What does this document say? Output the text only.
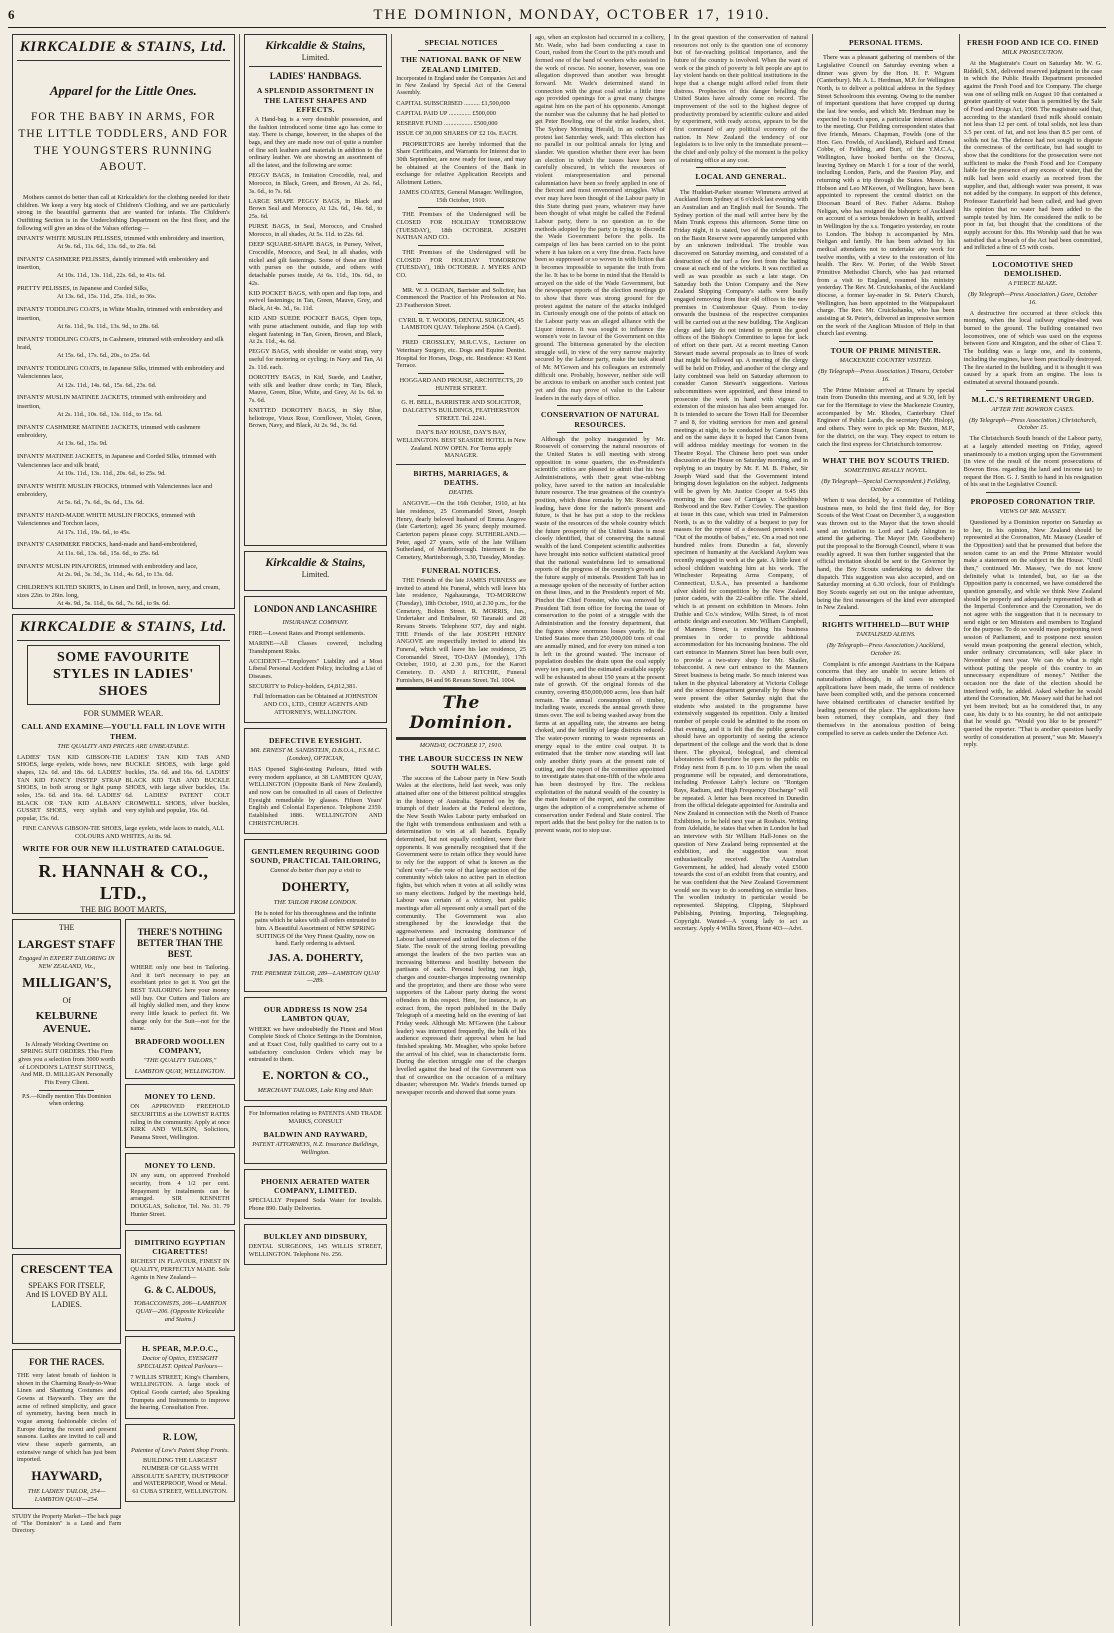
6	THE DOMINION, MONDAY, OCTOBER 17, 1910.
KIRKCALDIE & STAINS, Ltd.
Apparel for the Little Ones.
FOR THE BABY IN ARMS, FOR THE LITTLE TODDLERS, AND FOR THE YOUNGSTERS RUNNING ABOUT.

Mothers cannot do better than call at Kirkcaldie's for the clothing needed for their children. We keep a very big stock of Children's Clothing, and we are particularly strong in the beautiful garments that are wanted for infants. The Children's Outfitting Section is in the Underclothing Department on the first floor, and the following will give an idea of the Values offering:—

INFANTS' WHITE MUSLIN PELISSES, trimmed with embroidery and insertion,
At 9s. 6d., 11s. 6d., 13s. 6d., to 26s. 6d.
INFANTS' CASHMERE PELISSES, daintily trimmed with embroidery and insertion,
At 10s. 11d., 13s. 11d., 22s. 6d., to 41s. 6d.
PRETTY PELISSES, in Japanese and Corded Silks,
At 13s. 6d., 15s. 11d., 25s. 11d., to 36s.
INFANTS' TODDLING COATS, in White Muslin, trimmed with embroidery and insertion,
At 6s. 11d., 9s. 11d., 13s. 9d., to 28s. 6d.
INFANTS' TODDLING COATS, in Cashmere, trimmed with embroidery and silk braid,
At 15s. 6d., 17s. 6d., 20s., to 25s. 6d.
INFANTS' TODDLING COATS, in Japanese Silks, trimmed with embroidery and Valenciennes lace,
At 12s. 11d., 14s. 6d., 15s. 6d., 23s. 6d.
INFANTS' MUSLIN MATINEE JACKETS, trimmed with embroidery and insertion,
At 2s. 11d., 10s. 6d., 13s. 11d., to 15s. 6d.
INFANTS' CASHMERE MATINEE JACKETS, trimmed with cashmere embroidery,
At 13s. 6d., 15s. 9d.
INFANTS' MATINEE JACKETS, in Japanese and Corded Silks, trimmed with Valenciennes lace and silk braid,
At 10s. 11d., 13s. 11d., 20s. 6d., to 25s. 9d.
INFANTS' WHITE MUSLIN FROCKS, trimmed with Valenciennes lace and embroidery,
At 5s. 6d., 7s. 6d., 9s. 6d., 13s. 6d.
INFANTS' HAND-MADE WHITE MUSLIN FROCKS, trimmed with Valenciennes and Torchon laces,
At 17s. 11d., 19s. 6d., to 45s.
INFANTS' CASHMERE FROCKS, hand-made and hand-embroidered,
At 11s. 6d., 13s. 6d., 15s. 6d., to 25s. 6d.
INFANTS' MUSLIN PINAFORES, trimmed with embroidery and lace,
At 2s. 9d., 3s. 3d., 3s. 11d., 4s. 6d., to 13s. 6d.
CHILDREN'S KILTED SKIRTS, in Linen and Drill, in brown, navy, and cream, sizes 22in. to 26in. long,
At 4s. 9d., 5s. 11d., 6s. 6d., 7s. 6d., to 9s. 6d.
KIRKCALDIE & STAINS, Ltd.
SOME FAVOURITE STYLES IN LADIES' SHOES
FOR SUMMER WEAR.
CALL AND EXAMINE—YOU'LL FALL IN LOVE WITH THEM.
THE QUALITY AND PRICES ARE UNBEATABLE.

LADIES' TAN KID GIBSON-TIE SHOES, large eyelets, wide bows, new shapes, 12s. 6d. and 18s. 6d. LADIES' TAN KID FANCY INSTEP STRAP SHOES, in both strong or light pump soles, 15s. 6d. and 16s. 6d. LADIES' BLACK OR TAN KID ALBANY GUSSET SHOES, very stylish and popular, 15s. 6d.

LADIES' TAN KID TAB AND BUCKLE SHOES, with large gold buckles, 15s. 6d. and 16s. 6d. LADIES' BLACK KID TAB AND BUCKLE SHOES, with large silver buckles, 15s. 6d. LADIES' PATENT COLT CROMWELL SHOES, silver buckles, very stylish and popular, 16s. 6d.

FINE CANVAS GIBSON-TIE SHOES, large eyelets, wide laces to match, ALL COLOURS AND WHITES, At 8s. 9d.

WRITE FOR OUR NEW ILLUSTRATED CATALOGUE.
R. HANNAH & CO., LTD.,
THE BIG BOOT MARTS,
THE
LARGEST STAFF
Engaged in EXPERT TAILORING IN NEW ZEALAND, Viz.,
MILLIGAN'S,
Of
KELBURNE AVENUE.

Is Already Working Overtime on SPRING SUIT ORDERS. This Firm gives you a selection from 3000 worth of LONDON'S LATEST SUITINGS, And MR. D. MILLIGAN Personally Fits Every Client.

P.S.—Kindly mention This Dominion when ordering.

CRESCENT TEA
SPEAKS FOR ITSELF,
And IS LOVED BY ALL LADIES.
FOR THE RACES.

THE very latest breath of fashion is shown in the Charming Ready-to-Wear Linen and Shantung Costumes and Gowns at Hayward's. They are the acme of refined simplicity, and grace of symmetry, having been much in vogue among fashionable circles of Europe during the recent and present seasons. Ladies are invited to call and view these superb garments, an extensive range of which has just been imported.

HAYWARD,
THE LADIES' TAILOR, 254—LAMBTON QUAY—254.

STUDY the Property Market—The back page of "The Dominion" is a Land and Farm Directory.

THERE'S NOTHING BETTER THAN THE BEST.

WHERE only one best in Tailoring. And it isn't necessary to pay an exorbitant price to get it. You get the BEST TAILORING here your money will buy. Our Cutters and Tailors are all highly skilled men, and they know every little knack to perfect fit. We charge only for the Suit—not for the name.

BRADFORD WOOLLEN COMPANY,
"THE QUALITY TAILORS,"
LAMBTON QUAY, WELLINGTON.
MONEY TO LEND.

ON APPROVED FREEHOLD SECURITIES at the LOWEST RATES ruling in the community. Apply at once KIRK AND WILSON, Solicitors, Panama Street, Wellington.

MONEY TO LEND.

IN any sum, on approved Freehold security, from 4 1/2 per cent. Repayment by instalments can be arranged. SIR KENNETH DOUGLAS, Solicitor, Tel. No. 31. 79 Hunter Street.

DIMITRINO EGYPTIAN CIGARETTES!

RICHEST IN FLAVOUR, FINEST IN QUALITY, PERFECTLY MADE. Sole Agents in New Zealand—

G. & C. ALDOUS,
TOBACCONISTS, 206—LAMBTON QUAY—206. (Opposite Kirkcaldie and Stains.)
H. SPEAR, M.P.O.C.,
Doctor of Optics, EYESIGHT SPECIALIST. Optical Parlours—

7 WILLIS STREET, King's Chambers, WELLINGTON. A large stock of Optical Goods carried; also Speaking Trumpets and Instruments to improve the hearing. Consultation Free.

R. LOW,
Patentee of Low's Patent Shop Fronts.

BUILDING THE LARGEST NUMBER OF GLASS WITH ABSOLUTE SAFETY, DUSTPROOF and WATERPROOF, Wood or Metal. 61 CUBA STREET, WELLINGTON.

Kirkcaldie & Stains,
Limited.
LADIES' HANDBAGS.
A SPLENDID ASSORTMENT IN THE LATEST SHAPES AND EFFECTS.

A Hand-bag is a very desirable possession, and the fashion introduced some time ago has come to stay. There is change, however, in the shapes of the bags, and they are made now out of quite a number of fine soft leathers and materials in addition to the ordinary leather. We are showing an assortment of all the latest, and the following are some:

PEGGY BAGS, in Imitation Crocodile, real, and Morocco, in Black, Green, and Brown, At 2s. 6d., 3s. 6d., to 7s. 6d.

LARGE SHAPE PEGGY BAGS, in Black and Brown Seal and Morocco, At 12s. 6d., 14s. 6d., to 25s. 6d.

PURSE BAGS, in Seal, Morocco, and Crushed Morocco, in all shades, At 5s. 11d. to 22s. 6d.

DEEP SQUARE-SHAPE BAGS, in Pursey, Velvet, Crocodile, Morocco, and Seal, in all shades, with nickel and gilt fastenings. Some of these are fitted with purses on the outside, and others with detachable purses inside, At 6s. 11d., 10s. 6d., to 42s.

KID POCKET BAGS, with open and flap tops, and swivel fastenings; in Tan, Green, Mauve, Grey, and Black, At 4s. 3d., 6s. 11d.

KID AND SUEDE POCKET BAGS, Open tops, with purse attachment outside, and flap top with elegant fastening; in Tan, Green, Brown, and Black, At 2s. 11d., 4s. 6d.

PEGGY BAGS, with shoulder or waist strap, very useful for motoring or cycling; in Navy and Tan, At 2s. 11d. each.

DOROTHY BAGS, in Kid, Suede, and Leather, with silk and leather draw cords; in Tan, Black, Mauve, Green, Blue, White, and Grey, At 1s. 6d. to 7s. 6d.

KNITTED DOROTHY BAGS, in Sky Blue, heliotrope, Vieux Rose, Cornflower, Violet, Green, Brown, Navy, and Black, At 2s. 9d., 3s. 6d.

Kirkcaldie & Stains,
Limited.
LONDON AND LANCASHIRE
INSURANCE COMPANY.

FIRE—Lowest Rates and Prompt settlements.

MARINE—All Classes covered, including Transhipment Risks.

ACCIDENT—"Employers" Liability and a Most Liberal Personal Accident Policy, including a List of Diseases.

SECURITY to Policy-holders, £4,812,381.

Full Information can be Obtained at JOHNSTON AND CO., LTD., CHIEF AGENTS AND ATTORNEYS, WELLINGTON.

DEFECTIVE EYESIGHT.
MR. ERNEST M. SANDSTEIN, D.B.O.A., F.S.M.C. (London), OPTICIAN,

HAS Opened Sight-testing Parlours, fitted with every modern appliance, at 38 LAMBTON QUAY, WELLINGTON (Opposite Bank of New Zealand), and now can be consulted in all cases of Defective Eyesight remediable by glasses. Fifteen Years' English and Colonial Experience. Telephone 2359. Established 1886. WELLINGTON AND CHRISTCHURCH.

GENTLEMEN REQUIRING GOOD SOUND, PRACTICAL TAILORING,
Cannot do better than pay a visit to
DOHERTY,
THE TAILOR FROM LONDON.

He is noted for his thoroughness and the infinite pains which he takes with all orders entrusted to him. A Beautiful Assortment of NEW SPRING SUITINGS Of the Very Finest Quality, now on hand. Early ordering is advised.

JAS. A. DOHERTY,
THE PREMIER TAILOR, 289—LAMBTON QUAY—289.
OUR ADDRESS IS NOW 254 LAMBTON QUAY,

WHERE we have undoubtedly the Finest and Most Complete Stock of Choice Settings in the Dominion, and at Exact Cost, fully qualified to carry out to a satisfactory conclusion Orders which may be entrusted to them.

E. NORTON & CO.,
MERCHANT TAILORS, Lake King and Muir.

For Information relating to PATENTS AND TRADE MARKS, CONSULT

BALDWIN AND RAYWARD,
PATENT ATTORNEYS, N.Z. Insurance Buildings, Wellington.
PHOENIX AERATED WATER COMPANY, LIMITED.

SPECIALLY Prepared Soda Water for Invalids. Phone 890. Daily Deliveries.

BULKLEY AND DIDSBURY,

DENTAL SURGEONS, 145 WILLIS STREET, WELLINGTON. Telephone No. 256.

SPECIAL NOTICES
THE NATIONAL BANK OF NEW ZEALAND LIMITED.

Incorporated in England under the Companies Act and in New Zealand by Special Act of the General Assembly.

CAPITAL SUBSCRIBED .......... £1,500,000

CAPITAL PAID UP .............. £500,000

RESERVE FUND .................. £500,000

ISSUE OF 30,000 SHARES OF £2 10s. EACH.

PROPRIETORS are hereby informed that the Share Certificates, and Warrants for Interest due to 30th September, are now ready for issue, and may be obtained at the Counters of the Bank in exchange for relative Application Receipts and Allotment Letters.

JAMES COATES, General Manager. Wellington, 15th October, 1910.

THE Premises of the Undersigned will be CLOSED FOR HOLIDAY TOMORROW (TUESDAY), 18th OCTOBER. JOSEPH NATHAN AND CO.

THE Premises of the Undersigned will be CLOSED FOR HOLIDAY TOMORROW (TUESDAY), 18th OCTOBER. J. MYERS AND CO.

MR. W. J. OGDAN, Barrister and Solicitor, has Commenced the Practice of his Profession at No. 23 Featherston Street.

CYRIL R. T. WOODS, DENTAL SURGEON, 45 LAMBTON QUAY. Telephone 2504. (A Card).

FRED CROSSLEY, M.R.C.V.S., Lecturer on Veterinary Surgery, etc. Dogs and Equine Dentist. Hospital for Horses, Dogs, etc. Residence: 43 Kent Terrace.

HOGGARD AND PROUSE, ARCHITECTS, 29 HUNTER STREET.

G. H. BELL, BARRISTER AND SOLICITOR, DALGETY'S BUILDINGS, FEATHERSTON STREET. Tel. 2241.

DAY'S BAY HOUSE, DAY'S BAY, WELLINGTON. BEST SEASIDE HOTEL in New Zealand. NOW OPEN. For Terms apply MANAGER.

BIRTHS, MARRIAGES, & DEATHS.
DEATHS.

ANGOVE.—On the 16th October, 1910, at his late residence, 25 Coromandel Street, Joseph Henry, dearly beloved husband of Emma Angove (late Carterton); aged 36 years; deeply mourned. Carterton papers please copy. SUTHERLAND.—Peter, aged 27 years, wife of the late William Sutherland, of Martinborough. Interment in the Cemetery, Martinborough, 3.30, Tuesday, Monday.

FUNERAL NOTICES.

THE Friends of the late JAMES FURNESS are invited to attend his Funeral, which will leave his late residence, Ngahauranga, TO-MORROW (Tuesday), 18th October, 1910, at 2.30 p.m., for the Cemetery, Bolton Street. R. MORRIS, Jun., Undertaker and Embalmer, 60 Taranaki and 28 Revans Streets. Telephone 937, day and night. THE Friends of the late JOSEPH HENRY ANGOVE are respectfully invited to attend his Funeral, which will leave his late residence, 25 Coromandel Street, TO-DAY (Monday), 17th October, 1910, at 2.30 p.m., for the Karori Cemetery. D. AND J. RITCHIE, Funeral Furnishers, 84 and 96 Revans Street. Tel. 1004.

The Dominion.
MONDAY, OCTOBER 17, 1910.
THE LABOUR SUCCESS IN NEW SOUTH WALES.

The success of the Labour party in New South Wales at the elections, held last week, was only attained after one of the bitterest political struggles in the history of Australia. Spurred on by the triumph of their leaders at the Federal elections, the New South Wales Labour party embarked on the fight with tremendous enthusiasm and with a determination to win at all hazards. Equally determined, but not equally confident, were their opponents. It was generally recognised that if the Government were to retain office they would have to rely for the support of what is known as the "silent vote"—the vote of that large section of the community which takes no active part in election fights, but which when it votes at all solidly wins so many elections. Judged by the meetings held, Labour was certain of a victory, but public meetings after all represent only a small part of the community. The Government was also strengthened by the knowledge that the aggressiveness and increasing dominance of Labour had unnerved and united the electors of the State. The result of the strong feeling prevailing amongst the leaders of the two parties was an increasing bitterness and hostility between the partisans of each. Personal feeling ran high, charges and counter-charges impressing ownership and the proprietor, and there are those who were supporters of the Labour party during the worst offenders in this respect. Here, for instance, is an extract from, the report published in the Daily Telegraph of a meeting held on the evening of last Friday week. Although Mr. M'Gowen (the Labour leader) was interrupted frequently, the bulk of his audience expressed their approval when he had finished speaking. Mr. Meagher, who spoke before the arrival of his chief, was in characteristic form. During the election struggle one of the charges levelled against the head of the Government was that of cowardice on the occasion of a military disaster; whereupon Mr. Wade's friends turned up newspaper records and showed that some years

ago, when an explosion had occurred in a colliery, Mr. Wade, who had been conducting a case in Court, rushed from the Court to the pit's mouth and formed one of the band of workers who assisted in the work of rescue. No sooner, however, was one allegation disproved than another was brought forward. Mr. Wade's determined stand in connection with the great coal strike a little time ago provided openings for a great many charges against him on the part of his opponents. Amongst the number was the calumny that he had plotted to get Peter Bowling, one of the strike leaders, shot. The Sydney Morning Herald, in an outburst of protest last Saturday week, said: This election has no parallel in our political annals for lying and slander. We question whether there ever has been an election in which the issues have been so carefully obscured, in which the resources of violent misrepresentation and personal calumniation have been so freely applied in one of the fiercest and most envenomed struggles. What ever may have been thought of the Labour party in this State during past years, whatever may have been thought of what might be called the Federal Labour party, there is no question as to the methods adopted by the party in trying to discredit the Wade Government before the polls. Its campaign of lies has been carried on to the point where it has taken on a very fine dress. Facts have been so suppressed or so woven in with fiction that it becomes impossible to separate the truth from the lie. It has to be borne in mind that the Herald is arrayed on the side of the Wade Government, but the newspaper reports of the election meetings go to show that there was strong ground for the protest against the nature of the attacks indulged in. Curiously enough one of the points of attack on the Labour party was an alleged alliance with the Liquor interest. It was sought to influence the women's vote in favour of the Government on this ground. The bitterness generated by the election struggle will, in view of the very narrow majority secured by the Labour party, make the task ahead of Mr. M'Gowen and his colleagues an extremely difficult one. Probably, however, neither side will be anxious to embark on another such contest just yet and this may prove of value to the Labour leaders in the early days of office.

CONSERVATION OF NATURAL RESOURCES.

Although the policy inaugurated by Mr. Roosevelt of conserving the natural resources of the United States is still meeting with strong opposition in some quarters, the ex-President's scientific critics are pleased to admit that his two Administrations, with their great wise-rubbing policy, have saved to the nation an incalculable future resource. The true greatness of the country's position, which these remarks by Mr. Roosevelt's leading, have done for the nation's present and future, is that he has put a stop to the reckless waste of the resources of the whole country which the future prosperity of the United States is most closely identified, that of conserving the natural wealth of the land. Competent scientific authorities have brought into notice sufficient statistical proof that the national wastefulness led to sensational reports of the progress of the country's growth and the future supply of minerals. President Taft has in a message spoken of the necessity of further action on these lines, and in the President's report of Mr. Pinchot the Chief Forester, who was removed by President Taft from office for forcing the issue of conservation to the point of a struggle with the Administration and the forestry department, that the figures show enormous losses yearly. In the United States more than 250,000,000 tons of coal are annually mined, and for every ton mined a ton is left in the ground wasted. The increase of population doubles the drain upon the coal supply every ten years, and the estimated available supply will be exhausted in about 150 years at the present rate of growth. Of the original forests of the country, covering 850,000,000 acres, less than half remain. The annual consumption of timber, including waste, exceeds the annual growth three times over. The soil is being washed away from the farms at an appalling rate, the streams are being choked, and the fertility of large districts reduced. The water-power running to waste represents an energy equal to the entire coal output. It is estimated that the timber now standing will last only another thirty years at the present rate of cutting, and the report of the committee appointed to investigate states that one-fifth of the whole area has been destroyed by fire. The reckless exploitation of the natural wealth of the country is the main feature of the report, and the committee urges the adoption of a comprehensive scheme of conservation under Federal and State control. The report adds that the best policy for the nation is to prevent waste, not to stop use.

In the great question of the conservation of natural resources not only is the question one of economy but of far-reaching political importance, and the future of the country is involved. When the want of work or the pinch of poverty is felt people are apt to lay violent hands on their political institutions in the hope that a change might afford relief from their distress. Prophecies of this danger befalling the United States have already come on record. The improvement of the soil to the highest degree of productivity promised by scientific culture and aided by experiment, with ready access, appears to be the first command of any political economy of the nation. In New Zealand the tendency of our legislators is to live only in the immediate present—the chief and only policy of the moment is the policy of retaining office at any cost.

LOCAL AND GENERAL.

The Huddart-Parker steamer Wimmera arrived at Auckland from Sydney at 6 o'clock last evening with an Australian and an English mail for Sounds. The Sydney portion of the mail will arrive here by the Main Trunk express this afternoon. Some time on Friday night, it is stated, two of the cricket pitches on the Basin Reserve were apparently tampered with by an unknown individual. The trouble was discovered on Saturday morning, and consisted of a destruction of the turf a few feet from the batting crease at each end of the wickets. It was rectified as well as was possible as such a late stage. On Saturday both the Union Company and the New Zealand Shipping Company's staffs were busily engaged removing from their old offices to the new premises in Customhouse Quay. From to-day onwards the business of the respective companies will be carried out at the new building. The Anglican clergy and laity do not intend to permit the good offices of the Bishop's Committee to lapse for lack of effort on their part. At a recent meeting Canon Stewart made several proposals as to lines of work that might be followed up. A meeting of the clergy will be held on Friday, and another of the clergy and laity combined was held on Saturday afternoon to consider Canon Stewart's suggestions. Various subcommittees were appointed, and these intend to prosecute the work in hand with vigour. An extension of the mission has also been arranged for. It is intended to secure the Town Hall for December 7 and 8, for visiting services for men and general meetings at night, to be conducted by Canon Stuart, and on the same days it is hoped that Canon Ivens will address midday meetings for women in the Theatre Royal. The Chinese hero poet was under discussion at the House on Saturday morning, and in replying to an inquiry by Mr. F. M. B. Fisher, Sir Joseph Ward said that the Government intend bringing down legislation on the subject. Judgments will be given by Mr. Justice Cooper at 9.45 this morning in the case of Carrigan v. Archbishop Redwood and the Rev. Father Cowley. The question at issue in this case, which was tried in Palmerston North, is as to the validity of a bequest to pay for masses for the repose of a deceased person's soul. "Out of the mouths of babes," etc. On a road not one hundred miles from Dunedin a fat, slovenly specimen of humanity at the Auckland Asylum was recently engaged in work at the gate. A little knot of school children watching him at his work. The Winchester Repeating Arms Company, of Connecticut, U.S.A., has presented a handsome silver shield for competition by the New Zealand junior cadets, with the 22-calibre rifle. The shield, which is at present on exhibition in Messrs. John Duthie and Co.'s window, Willis Street, is of most artistic design and execution. Mr. William Campbell, of Manners Street, is extending his business premises in order to provide additional accommodation for his increasing business. The old cart entrance in Manners Street has been built over, to provide a two-story shop for Mr. Shailer, tobacconist. A new cart entrance to the Manners Street business is being made. So much interest was taken in the physical laboratory at Victoria College and the science department generally by those who were present the other Saturday night that the students who assisted in the programme have extensively suggested its repetition. Only a limited number of people could be admitted to the room on that evening, and it is felt that the public generally should have an opportunity of seeing the science department of the college and the work that is done there. The physical, biological, and chemical laboratories will therefore be open to the public on Friday next from 8 p.m. to 10 p.m. when the usual programme will be repeated, and demonstrations, including Professor Laby's lecture on "Rontgen Rays, Radium, and High Frequency Discharge" will be repeated. A letter has been received in Dunedin from the official delegate appointed for Australia and New Zealand in connection with the North of France Exhibition, to be held next year at Roubaix. Writing from Adelaide, he states that when in London he had an interview with Sir William Hall-Jones on the question of New Zealand being represented at the exhibition, and the suggestion was most enthusiastically received. The Australian Government, he added, had already voted £5000 towards the cost of an exhibit from that country, and he was confident that the New Zealand Government would see its way to do something on similar lines. The woollen industry in particular would be represented. Shipping, Clipping, Shipboard Publishing, Printing, Importing, Telegraphing. Copyright. Wanted—A young lady to act as secretary. Apply 4 Willis Street, Phone 403—Advt.

PERSONAL ITEMS.

There was a pleasant gathering of members of the Legislative Council on Saturday evening when a dinner was given by the Hon. H. F. Wigram (Canterbury). Mr. A. L. Herdman, M.P. for Wellington North, is to deliver a political address in the Sydney Street Schoolroom this evening. Owing to the number of important questions that have cropped up during the last few weeks, and which Mr. Herdman may be expected to touch upon, a particular interest attaches to the meeting. Our Feilding correspondent states that five friends, Messrs. Chapman, Fowlds (one of the Hon. Geo. Fowlds, of Auckland), Richard and Ernest Cobbe, of Feilding, and Burt, of the Y.M.C.A., Wellington, have booked berths on the Orsova, leaving Sydney on March 1 for a tour of the world, including London, Paris, and the Passion Play, and returning with a trip through the States. Messrs. A. Hobson and Leo M'Keown, of Wellington, have been appointed to represent the central district on the Diocesan Board of Rev. Father Adams. Bishop Neligan, who has resigned the bishopric of Auckland on account of a serious breakdown in health, arrived in Wellington by the s.s. Tongariro yesterday, en route to London. The bishop is accompanied by Mrs. Neligan and family. He has been advised by his medical attendants not to undertake any work for twelve months, with a view to the restoration of his health. The Rev. W. Porter, of the Webb Street Primitive Methodist Church, who has just returned from a visit to England, resumed his ministry yesterday. The Rev. M. Cruickshanks, of the Auckland diocese, a former lay-reader in St. Peter's Church, Wellington, has been appointed to the Waipapakauri charge. The Rev. Mr. Cruickshanks, who has been assisting at St. Peter's, delivered an impressive sermon on the work of the Anglican Mission of Help in that church last evening.

TOUR OF PRIME MINISTER.
MACKENZIE COUNTRY VISITED.
(By Telegraph—Press Association.) Timaru, October 16.

The Prime Minister arrived at Timaru by special train from Dunedin this morning, and at 9.30, left by car for the Hermitage to view the Mackenzie Country, accompanied by Mr. Rhodes, Canterbury Chief Engineer of Public Lands, the secretary (Mr. Hislop), and others. They were to pick up Mr. Buxton, M.P., for the district, on the way. They expect to return to catch the first express for Christchurch tomorrow.

WHAT THE BOY SCOUTS TRIED.
SOMETHING REALLY NOVEL.
(By Telegraph—Special Correspondent.) Feilding, October 16.

When it was decided, by a committee of Feilding business men, to hold the first field day, for Boy Scouts of the West Coast on December 3, a suggestion was thrown out to the Mayor that the town should send an invitation to Lord and Lady Islington to attend the gathering. The Mayor (Mr. Goodbehere) put the proposal to the Borough Council, where it was readily agreed. It was then further suggested that the official invitation should be sent to the Governor by hand, the Boy Scouts undertaking to deliver the dispatch. This suggestion was also accepted, and on Saturday morning at 6.30 o'clock, four of Feilding's Boy Scouts eagerly set out on the unique adventure, being the first messengers of the kind ever attempted in New Zealand.

RIGHTS WITHHELD—BUT WHIP
TANTALISED ALIENS.
(By Telegraph—Press Association.) Auckland, October 16.

Complaint is rife amongst Austrians in the Kaipara concerns that they are unable to secure letters of naturalisation although, in all cases in which applications have been made, the terms of residence have been complied with, and the persons concerned have obtained certificates of character testified by leading persons of the place. The applications have been returned, they complain, and they find themselves in the anomalous position of being compelled to serve as cadets under the Defence Act.

FRESH FOOD AND ICE CO. FINED
MILK PROSECUTION.

At the Magistrate's Court on Saturday Mr. W. G. Riddell, S.M., delivered reserved judgment in the case in which the Public Health Department proceeded against the Fresh Food and Ice Company. The charge was one of selling milk on August 10 that contained a greater quantity of water than is permitted by the Sale of Food and Drugs Act, 1908. The magistrate said that, according to the standard fixed milk should contain not less than 12 per cent. of total solids, not less than 3.5 per cent. of fat, and not less than 8.5 per cent. of solids not fat. The defence had not sought to dispute the correctness of the certificate, but had sought to show that the conditions for the prosecution were not sufficient to make the Fresh Food and Ice Company liable for the presence of any excess of water, that the milk had been sold exactly as received from the supplier, and that, although water was present, it was not added by the company. In support of this defence, Professor Easterfield had been called, and had given his opinion that no water had been added to the sample tested by him. He considered the milk to be poor in fat, but thought that the conditions of the supply account for this. His Worship said that he was satisfied that a breach of the Act had been committed, and inflicted a fine of £5 with costs.

LOCOMOTIVE SHED DEMOLISHED.
A FIERCE BLAZE.
(By Telegraph—Press Association.) Gore, October 16.

A destructive fire occurred at three o'clock this morning, when the local railway engine-shed was burned to the ground. The building contained two locomotives, one of which was used on the express between Gore and Kingston, and the other of Class T. The building was a large one, and its contents, including the engines, have been practically destroyed. The fire started in the building, and it is thought it was caused by a spark from an engine. The loss is estimated at several thousand pounds.

M.L.C.'S RETIREMENT URGED.
AFTER THE BOWRON CASES.
(By Telegraph—Press Association.) Christchurch, October 15.

The Christchurch South branch of the Labour party, at a largely attended meeting on Friday, agreed unanimously to a motion urging upon the Government (in view of the result of the recent prosecutions of Bowron Bros. regarding the land and income tax) to request the Hon. G. J. Smith to hand in his resignation of his seat in the Legislative Council.

PROPOSED CORONATION TRIP.
VIEWS OF MR. MASSEY.

Questioned by a Dominion reporter on Saturday as to her, in his opinion, New Zealand should be represented at the Coronation, Mr. Massey (Leader of the Opposition) said that he presumed that before the session came to an end the Prime Minister would make a statement on the subject in the House. "Until then," continued Mr. Massey, "we do not know definitely what is intended, but, so far as the Opposition party is concerned, we have considered the question generally, and while we think New Zealand should be properly and adequately represented both at the Imperial Conference and the Coronation, we do not agree with the suggestion that it is necessary to send eight or ten Ministers and members to England for the purpose. To do so would mean postponing next session of Parliament, and to postpone next session would mean postponing the general election, which, under ordinary circumstances, will take place in November of next year. We can do what is right without putting the people of this country to an unnecessary expenditure of money." Neither the occasion nor the date of the election should be interfered with, he added. Asked whether he would attend the Coronation, Mr. Massey said that he had not yet been invited; but as he considered that, in any case, his duty is to his country, he did not anticipate that he would go. "Would you like to be present?" queried the reporter. "That is another question hardly worthy of consideration at present," was Mr. Massey's reply.
